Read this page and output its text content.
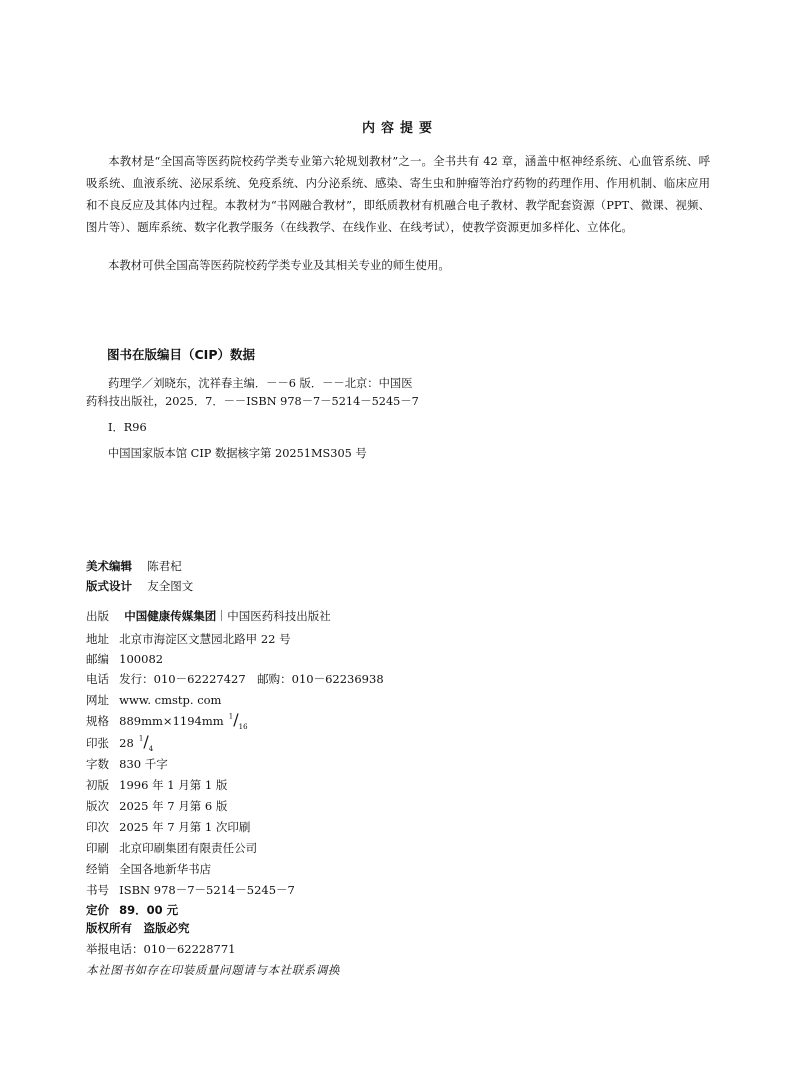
内容提要
本教材是“全国高等医药院校药学类专业第六轮规划教材”之一。全书共有 42 章，涵盖中枢神经系统、心血管系统、呼吸系统、血液系统、泌尿系统、免疫系统、内分泌系统、感染、寄生虫和肿瘤等治疗药物的药理作用、作用机制、临床应用和不良反应及其体内过程。本教材为“书网融合教材”，即纸质教材有机融合电子教材、教学配套资源（PPT、微课、视频、图片等）、题库系统、数字化教学服务（在线教学、在线作业、在线考试），使教学资源更加多样化、立体化。
本教材可供全国高等医药院校药学类专业及其相关专业的师生使用。
图书在版编目（CIP）数据
药理学／刘晓东，沈祥春主编．－－6 版．－－北京：中国医
药科技出版社，2025．7．－－ISBN 978－7－5214－5245－7
Ⅰ．R96
中国国家版本馆 CIP 数据核字第 20251MS305 号
美术编辑 陈君杞
版式设计 友全图文
出版 中国健康传媒集团 中国医药科技出版社
地址 北京市海淀区文慧园北路甲 22 号
邮编 100082
电话 发行：010－62227427　邮购：010－62236938
网址 www. cmstp. com
规格 889mm×1194mm $^1/_{16}$
印张 28 $^1/_4$
字数 830 千字
初版 1996 年 1 月第 1 版
版次 2025 年 7 月第 6 版
印次 2025 年 7 月第 1 次印刷
印刷 北京印刷集团有限责任公司
经销 全国各地新华书店
书号 ISBN 978－7－5214－5245－7
定价 89．00 元
版权所有　盗版必究
举报电话：010－62228771
本社图书如存在印装质量问题请与本社联系调换
